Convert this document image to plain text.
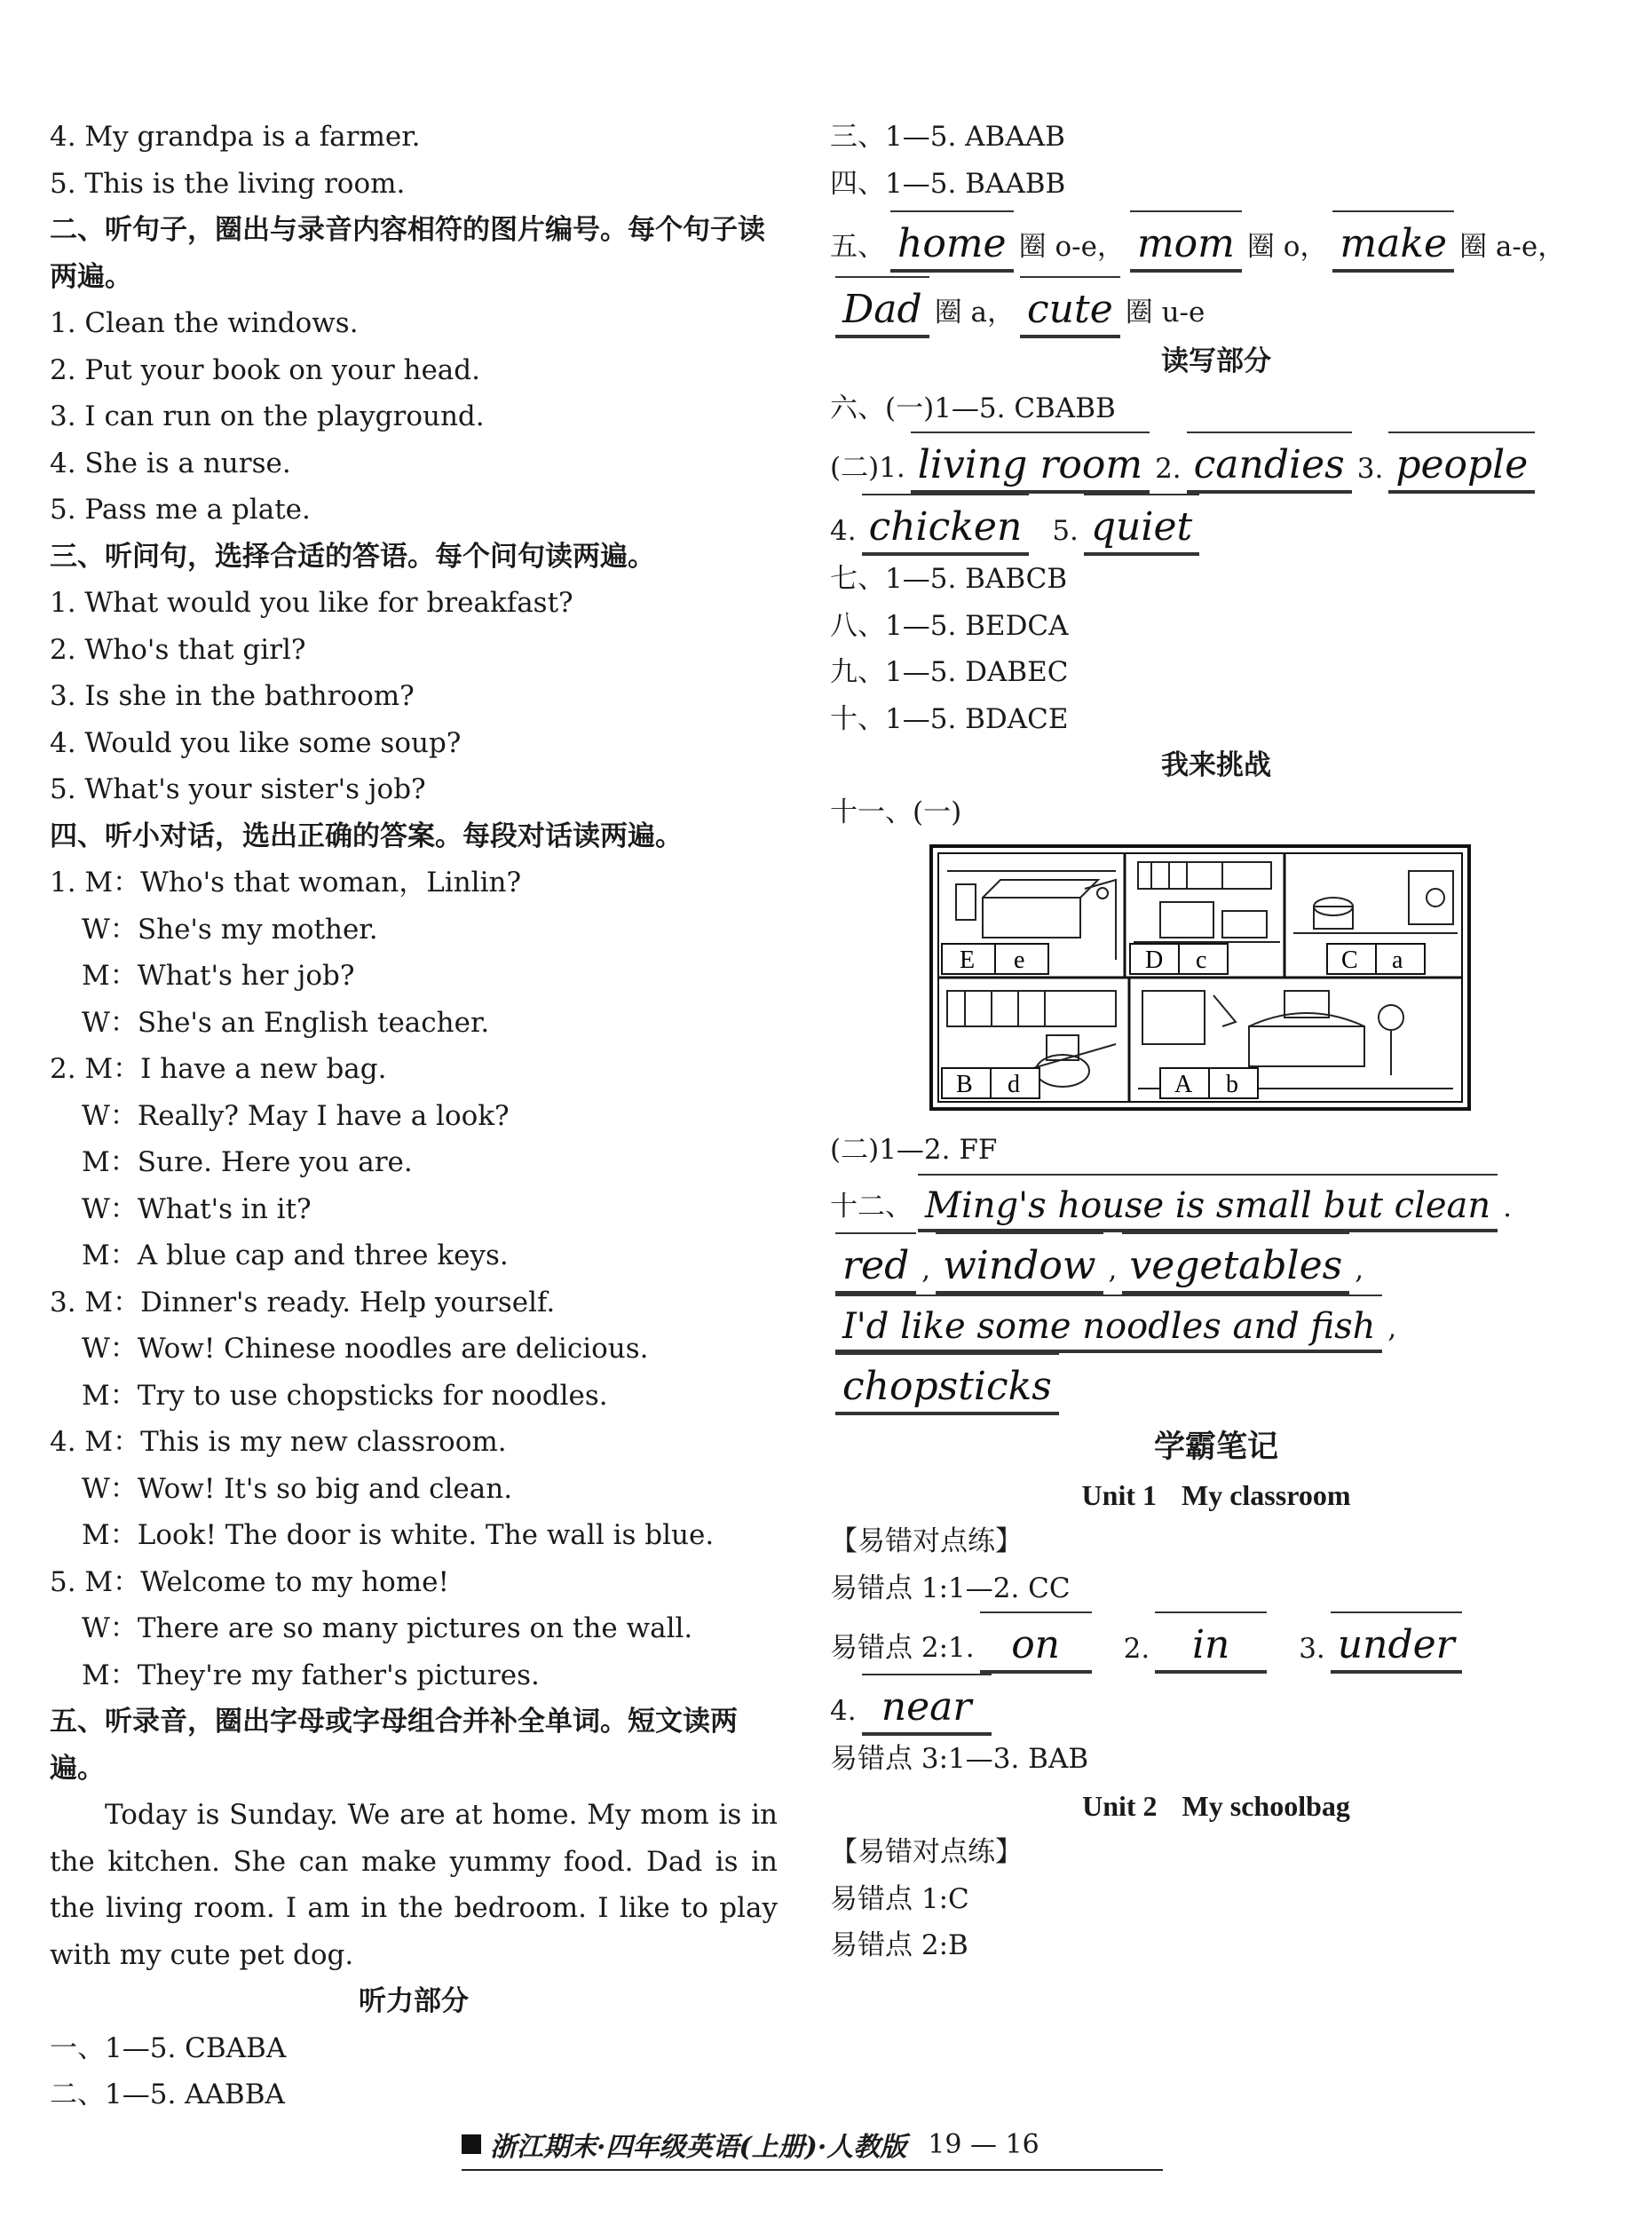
4. My grandpa is a farmer.
5. This is the living room.
二、听句子，圈出与录音内容相符的图片编号。每个句子读两遍。
1. Clean the windows.
2. Put your book on your head.
3. I can run on the playground.
4. She is a nurse.
5. Pass me a plate.
三、听问句，选择合适的答语。每个问句读两遍。
1. What would you like for breakfast?
2. Who's that girl?
3. Is she in the bathroom?
4. Would you like some soup?
5. What's your sister's job?
四、听小对话，选出正确的答案。每段对话读两遍。
1. M：Who's that woman，Linlin?
W：She's my mother.
M：What's her job?
W：She's an English teacher.
2. M：I have a new bag.
W：Really? May I have a look?
M：Sure. Here you are.
W：What's in it?
M：A blue cap and three keys.
3. M：Dinner's ready. Help yourself.
W：Wow! Chinese noodles are delicious.
M：Try to use chopsticks for noodles.
4. M：This is my new classroom.
W：Wow! It's so big and clean.
M：Look! The door is white. The wall is blue.
5. M：Welcome to my home!
W：There are so many pictures on the wall.
M：They're my father's pictures.
五、听录音，圈出字母或字母组合并补全单词。短文读两遍。
Today is Sunday. We are at home. My mom is in the kitchen. She can make yummy food. Dad is in the living room. I am in the bedroom. I like to play with my cute pet dog.
听力部分
一、1—5. CBABA
二、1—5. AABBA
三、1—5. ABAAB
四、1—5. BAABB
五、 home 圈 o-e， mom 圈 o， make 圈 a-e，
Dad 圈 a， cute 圈 u-e
读写部分
六、(一)1—5. CBABB
(二)1. living room 2. candies 3. people
4. chicken 5. quiet
七、1—5. BABCB
八、1—5. BEDCA
九、1—5. DABEC
十、1—5. BDACE
我来挑战
十一、(一)
E e	D c	C a
B d	A b
(二)1—2. FF
十二、 Ming's house is small but clean .
red , window , vegetables ,
I'd like some noodles and fish ,
chopsticks
学霸笔记
Unit 1 My classroom
【易错对点练】
易错点 1:1—2. CC
易错点 2:1. on	2.	in	3. under
4. near
易错点 3:1—3. BAB
Unit 2 My schoolbag
【易错对点练】
易错点 1:C
易错点 2:B
浙江期末·四年级英语(上册)·人教版 19 — 16
